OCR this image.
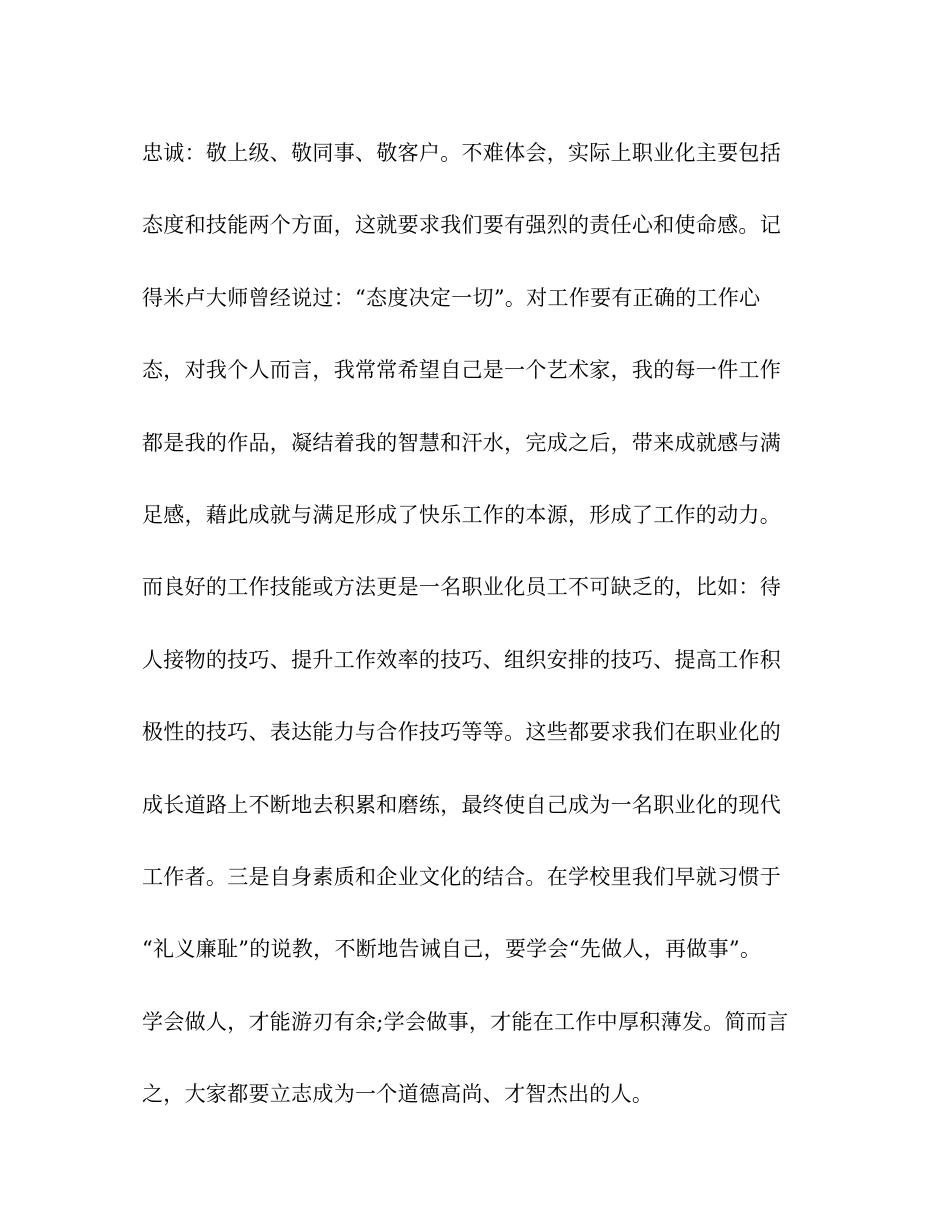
忠诚：敬上级、敬同事、敬客户。不难体会，实际上职业化主要包括
态度和技能两个方面，这就要求我们要有强烈的责任心和使命感。记
得米卢大师曾经说过：“态度决定一切”。对工作要有正确的工作心
态，对我个人而言，我常常希望自己是一个艺术家，我的每一件工作
都是我的作品，凝结着我的智慧和汗水，完成之后，带来成就感与满
足感，藉此成就与满足形成了快乐工作的本源，形成了工作的动力。
而良好的工作技能或方法更是一名职业化员工不可缺乏的，比如：待
人接物的技巧、提升工作效率的技巧、组织安排的技巧、提高工作积
极性的技巧、表达能力与合作技巧等等。这些都要求我们在职业化的
成长道路上不断地去积累和磨练，最终使自己成为一名职业化的现代
工作者。三是自身素质和企业文化的结合。在学校里我们早就习惯于
“礼义廉耻”的说教，不断地告诫自己，要学会“先做人，再做事”。
学会做人，才能游刃有余;学会做事，才能在工作中厚积薄发。简而言
之，大家都要立志成为一个道德高尚、才智杰出的人。
